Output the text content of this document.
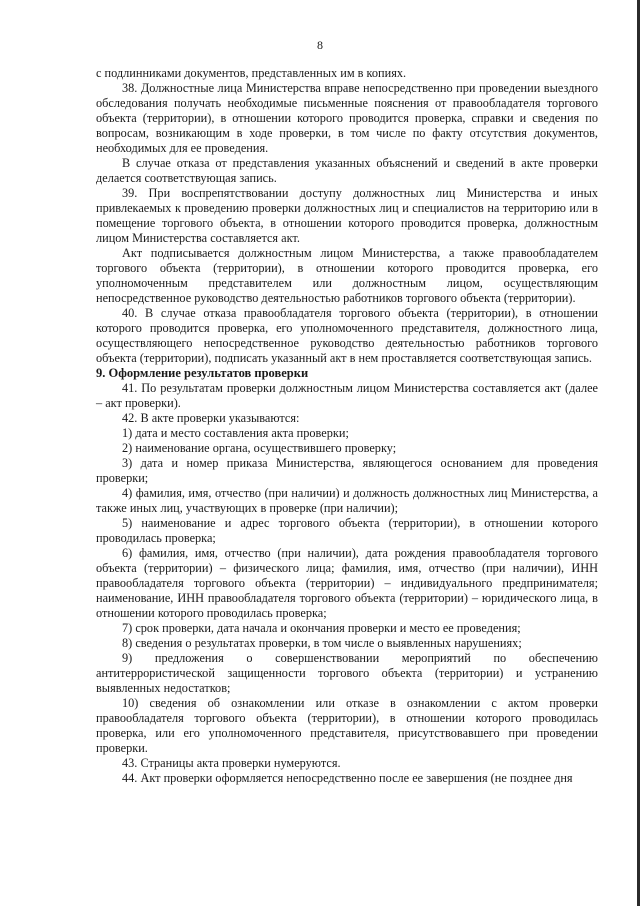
8

с подлинниками документов, представленных им в копиях.

38. Должностные лица Министерства вправе непосредственно при проведении выездного обследования получать необходимые письменные пояснения от правообладателя торгового объекта (территории), в отношении которого проводится проверка, справки и сведения по вопросам, возникающим в ходе проверки, в том числе по факту отсутствия документов, необходимых для ее проведения.

В случае отказа от представления указанных объяснений и сведений в акте проверки делается соответствующая запись.

39. При воспрепятствовании доступу должностных лиц Министерства и иных привлекаемых к проведению проверки должностных лиц и специалистов на территорию или в помещение торгового объекта, в отношении которого проводится проверка, должностным лицом Министерства составляется акт.

Акт подписывается должностным лицом Министерства, а также правообладателем торгового объекта (территории), в отношении которого проводится проверка, его уполномоченным представителем или должностным лицом, осуществляющим непосредственное руководство деятельностью работников торгового объекта (территории).

40. В случае отказа правообладателя торгового объекта (территории), в отношении которого проводится проверка, его уполномоченного представителя, должностного лица, осуществляющего непосредственное руководство деятельностью работников торгового объекта (территории), подписать указанный акт в нем проставляется соответствующая запись.

9. Оформление результатов проверки

41. По результатам проверки должностным лицом Министерства составляется акт (далее – акт проверки).

42. В акте проверки указываются:

1) дата и место составления акта проверки;

2) наименование органа, осуществившего проверку;

3) дата и номер приказа Министерства, являющегося основанием для проведения проверки;

4) фамилия, имя, отчество (при наличии) и должность должностных лиц Министерства, а также иных лиц, участвующих в проверке (при наличии);

5) наименование и адрес торгового объекта (территории), в отношении которого проводилась проверка;

6) фамилия, имя, отчество (при наличии), дата рождения правообладателя торгового объекта (территории) – физического лица; фамилия, имя, отчество (при наличии), ИНН правообладателя торгового объекта (территории) – индивидуального предпринимателя; наименование, ИНН правообладателя торгового объекта (территории) – юридического лица, в отношении которого проводилась проверка;

7) срок проверки, дата начала и окончания проверки и место ее проведения;

8) сведения о результатах проверки, в том числе о выявленных нарушениях;

9) предложения о совершенствовании мероприятий по обеспечению антитеррористической защищенности торгового объекта (территории) и устранению выявленных недостатков;

10) сведения об ознакомлении или отказе в ознакомлении с актом проверки правообладателя торгового объекта (территории), в отношении которого проводилась проверка, или его уполномоченного представителя, присутствовавшего при проведении проверки.

43. Страницы акта проверки нумеруются.

44. Акт проверки оформляется непосредственно после ее завершения (не позднее дня
